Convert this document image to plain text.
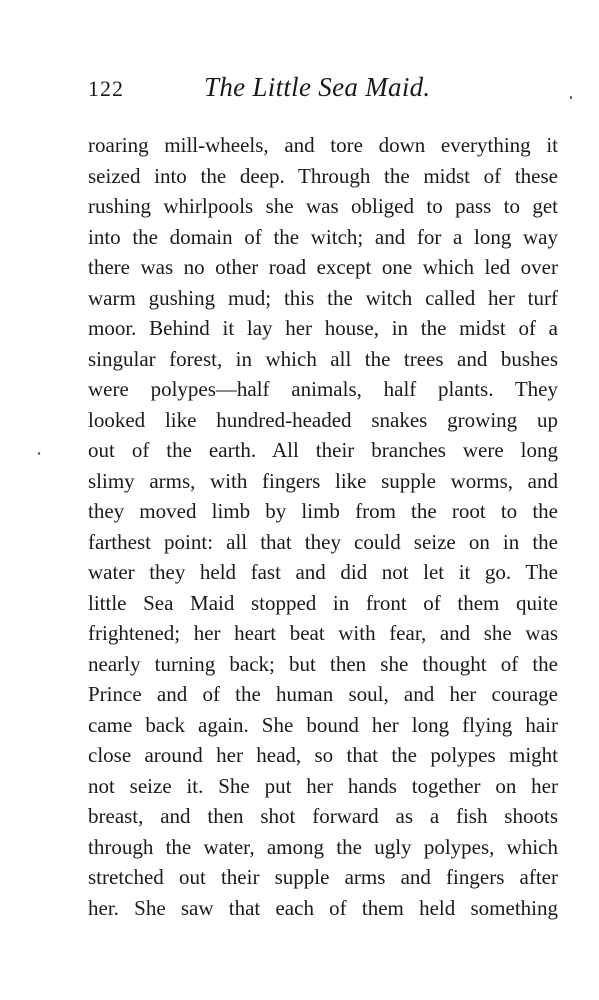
122	The Little Sea Maid.
roaring mill-wheels, and tore down everything it
seized into the deep. Through the midst of these
rushing whirlpools she was obliged to pass to get
into the domain of the witch; and for a long way
there was no other road except one which led over
warm gushing mud; this the witch called her turf
moor. Behind it lay her house, in the midst of a
singular forest, in which all the trees and bushes
were polypes—half animals, half plants. They
looked like hundred-headed snakes growing up
out of the earth. All their branches were long
slimy arms, with fingers like supple worms, and
they moved limb by limb from the root to the
farthest point: all that they could seize on in the
water they held fast and did not let it go. The
little Sea Maid stopped in front of them quite
frightened; her heart beat with fear, and she was
nearly turning back; but then she thought of the
Prince and of the human soul, and her courage
came back again. She bound her long flying hair
close around her head, so that the polypes might
not seize it. She put her hands together on her
breast, and then shot forward as a fish shoots
through the water, among the ugly polypes, which
stretched out their supple arms and fingers after
her. She saw that each of them held something
